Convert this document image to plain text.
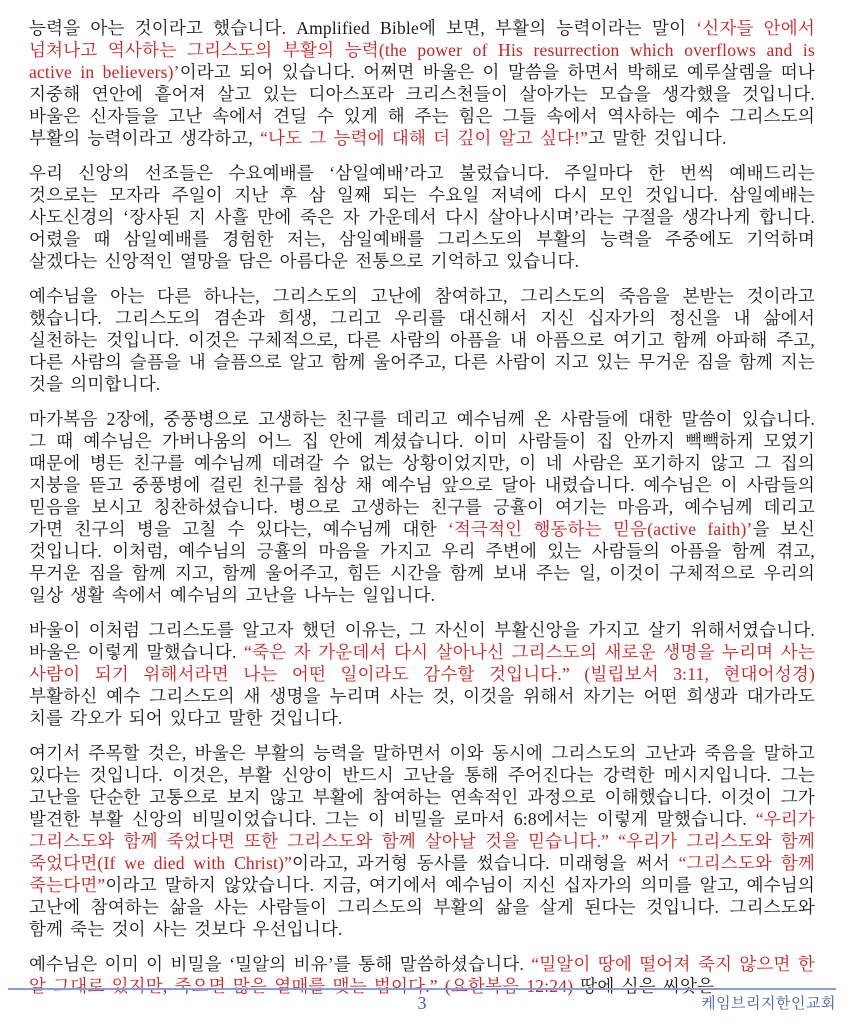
능력을 아는 것이라고 했습니다. Amplified Bible에 보면, 부활의 능력이라는 말이 ‘신자들 안에서 넘쳐나고 역사하는 그리스도의 부활의 능력(the power of His resurrection which overflows and is active in believers)’이라고 되어 있습니다. 어쩌면 바울은 이 말씀을 하면서 박해로 예루살렘을 떠나 지중해 연안에 흩어져 살고 있는 디아스포라 크리스천들이 살아가는 모습을 생각했을 것입니다. 바울은 신자들을 고난 속에서 견딜 수 있게 해 주는 힘은 그들 속에서 역사하는 예수 그리스도의 부활의 능력이라고 생각하고, “나도 그 능력에 대해 더 깊이 알고 싶다!”고 말한 것입니다.

우리 신앙의 선조들은 수요예배를 ‘삼일예배’라고 불렀습니다. 주일마다 한 번씩 예배드리는 것으로는 모자라 주일이 지난 후 삼 일째 되는 수요일 저녁에 다시 모인 것입니다. 삼일예배는 사도신경의 ‘장사된 지 사흘 만에 죽은 자 가운데서 다시 살아나시며’라는 구절을 생각나게 합니다. 어렸을 때 삼일예배를 경험한 저는, 삼일예배를 그리스도의 부활의 능력을 주중에도 기억하며 살겠다는 신앙적인 열망을 담은 아름다운 전통으로 기억하고 있습니다.

예수님을 아는 다른 하나는, 그리스도의 고난에 참여하고, 그리스도의 죽음을 본받는 것이라고 했습니다. 그리스도의 겸손과 희생, 그리고 우리를 대신해서 지신 십자가의 정신을 내 삶에서 실천하는 것입니다. 이것은 구체적으로, 다른 사람의 아픔을 내 아픔으로 여기고 함께 아파해 주고, 다른 사람의 슬픔을 내 슬픔으로 알고 함께 울어주고, 다른 사람이 지고 있는 무거운 짐을 함께 지는 것을 의미합니다.

마가복음 2장에, 중풍병으로 고생하는 친구를 데리고 예수님께 온 사람들에 대한 말씀이 있습니다. 그 때 예수님은 가버나움의 어느 집 안에 계셨습니다. 이미 사람들이 집 안까지 빽빽하게 모였기 때문에 병든 친구를 예수님께 데려갈 수 없는 상황이었지만, 이 네 사람은 포기하지 않고 그 집의 지붕을 뜯고 중풍병에 걸린 친구를 침상 채 예수님 앞으로 달아 내렸습니다. 예수님은 이 사람들의 믿음을 보시고 칭찬하셨습니다. 병으로 고생하는 친구를 긍휼이 여기는 마음과, 예수님께 데리고 가면 친구의 병을 고칠 수 있다는, 예수님께 대한 ‘적극적인 행동하는 믿음(active faith)’을 보신 것입니다. 이처럼, 예수님의 긍휼의 마음을 가지고 우리 주변에 있는 사람들의 아픔을 함께 겪고, 무거운 짐을 함께 지고, 함께 울어주고, 힘든 시간을 함께 보내 주는 일, 이것이 구체적으로 우리의 일상 생활 속에서 예수님의 고난을 나누는 일입니다.

바울이 이처럼 그리스도를 알고자 했던 이유는, 그 자신이 부활신앙을 가지고 살기 위해서였습니다. 바울은 이렇게 말했습니다. “죽은 자 가운데서 다시 살아나신 그리스도의 새로운 생명을 누리며 사는 사람이 되기 위해서라면 나는 어떤 일이라도 감수할 것입니다.” (빌립보서 3:11, 현대어성경) 부활하신 예수 그리스도의 새 생명을 누리며 사는 것, 이것을 위해서 자기는 어떤 희생과 대가라도 치를 각오가 되어 있다고 말한 것입니다.

여기서 주목할 것은, 바울은 부활의 능력을 말하면서 이와 동시에 그리스도의 고난과 죽음을 말하고 있다는 것입니다. 이것은, 부활 신앙이 반드시 고난을 통해 주어진다는 강력한 메시지입니다. 그는 고난을 단순한 고통으로 보지 않고 부활에 참여하는 연속적인 과정으로 이해했습니다. 이것이 그가 발견한 부활 신앙의 비밀이었습니다. 그는 이 비밀을 로마서 6:8에서는 이렇게 말했습니다. “우리가 그리스도와 함께 죽었다면 또한 그리스도와 함께 살아날 것을 믿습니다.” “우리가 그리스도와 함께 죽었다면(If we died with Christ)”이라고, 과거형 동사를 썼습니다. 미래형을 써서 “그리스도와 함께 죽는다면”이라고 말하지 않았습니다. 지금, 여기에서 예수님이 지신 십자가의 의미를 알고, 예수님의 고난에 참여하는 삶을 사는 사람들이 그리스도의 부활의 삶을 살게 된다는 것입니다. 그리스도와 함께 죽는 것이 사는 것보다 우선입니다.

예수님은 이미 이 비밀을 ‘밀알의 비유’를 통해 말씀하셨습니다. “밀알이 땅에 떨어져 죽지 않으면 한 알 그대로 있지만, 죽으면 많은 열매를 맺는 법이다.” (요한복음 12:24) 땅에 심은 씨앗은

케임브리지한인교회
3
